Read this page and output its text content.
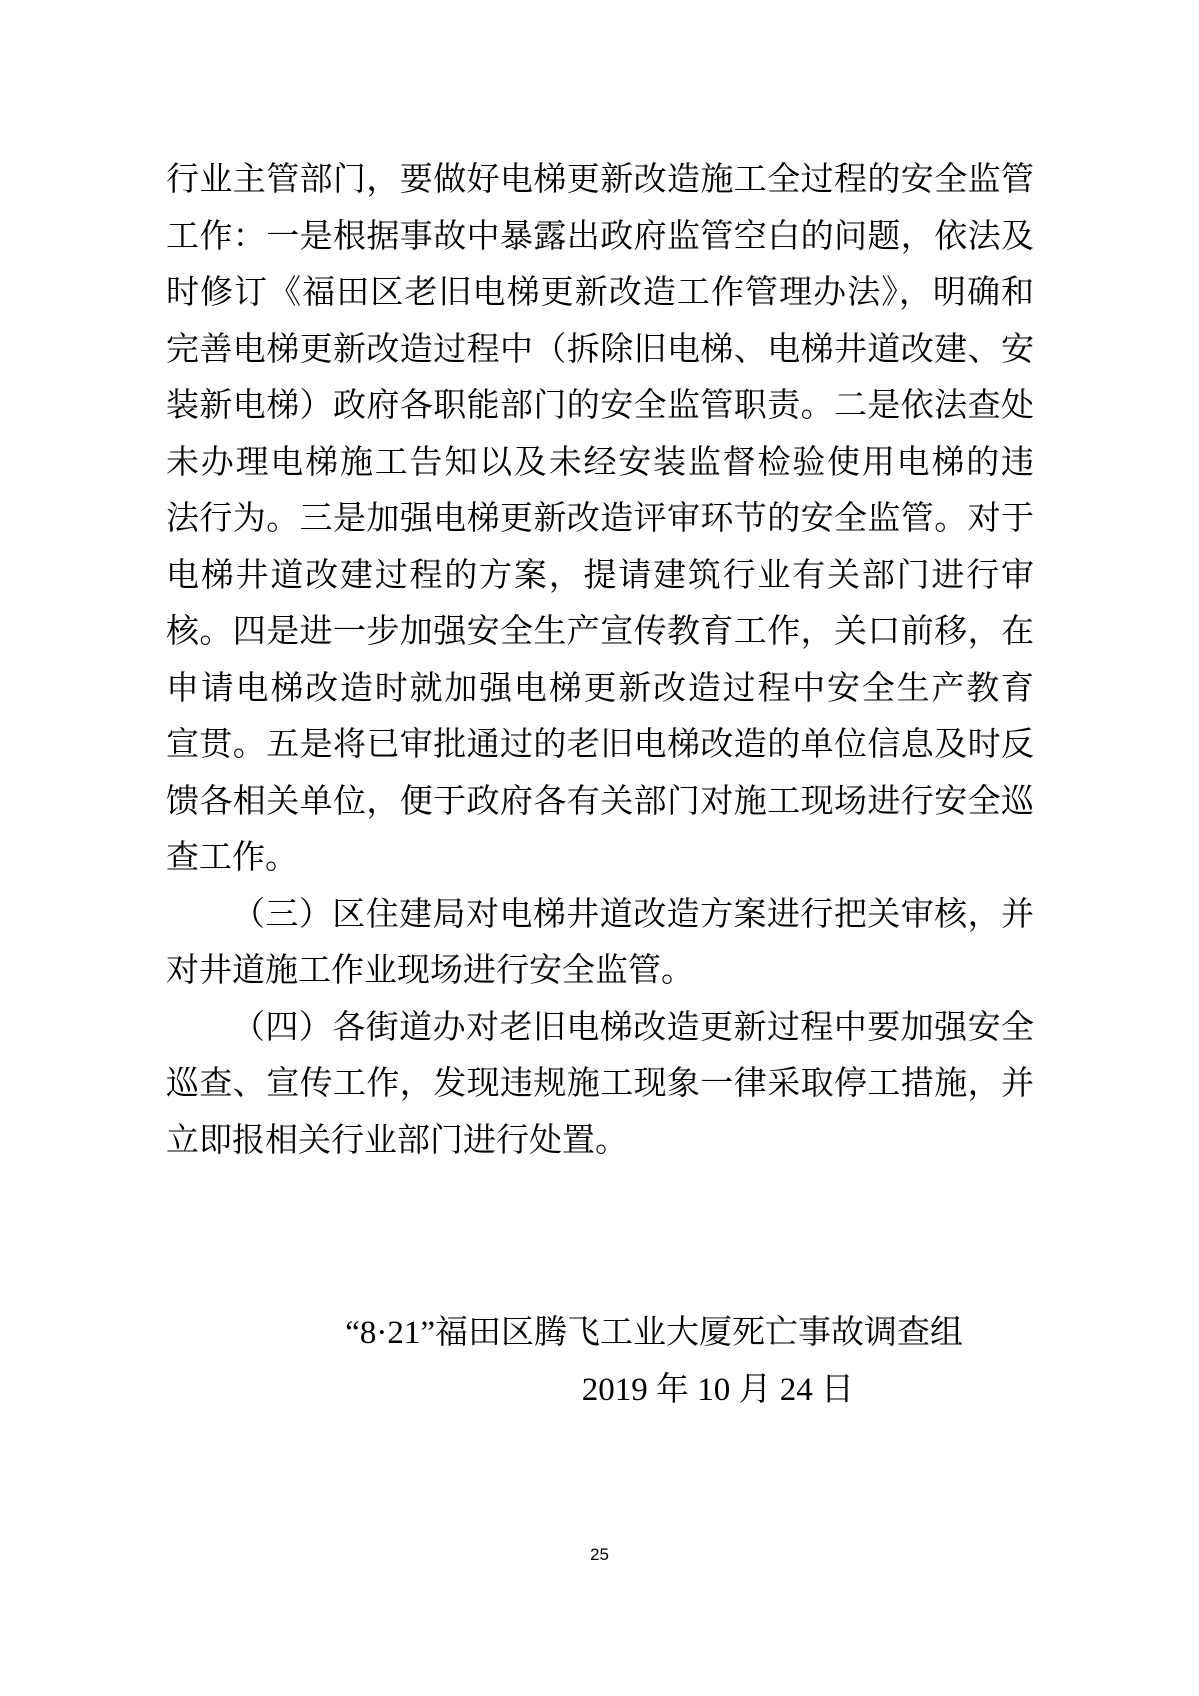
行业主管部门，要做好电梯更新改造施工全过程的安全监管
工作：一是根据事故中暴露出政府监管空白的问题，依法及
时修订《福田区老旧电梯更新改造工作管理办法》，明确和
完善电梯更新改造过程中（拆除旧电梯、电梯井道改建、安
装新电梯）政府各职能部门的安全监管职责。二是依法查处
未办理电梯施工告知以及未经安装监督检验使用电梯的违
法行为。三是加强电梯更新改造评审环节的安全监管。对于
电梯井道改建过程的方案，提请建筑行业有关部门进行审
核。四是进一步加强安全生产宣传教育工作，关口前移，在
申请电梯改造时就加强电梯更新改造过程中安全生产教育
宣贯。五是将已审批通过的老旧电梯改造的单位信息及时反
馈各相关单位，便于政府各有关部门对施工现场进行安全巡
查工作。
（三）区住建局对电梯井道改造方案进行把关审核，并
对井道施工作业现场进行安全监管。
（四）各街道办对老旧电梯改造更新过程中要加强安全
巡查、宣传工作，发现违规施工现象一律采取停工措施，并
立即报相关行业部门进行处置。
“8·21”福田区腾飞工业大厦死亡事故调查组
2019 年 10 月 24 日
25
